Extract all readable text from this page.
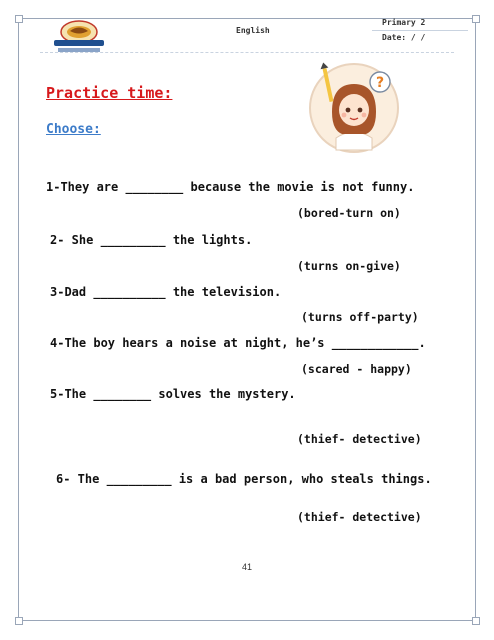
English
Primary 2
Date: / /
Practice time:
Choose:
?
1-They are ________ because the movie is not funny.
(bored-turn on)
2- She _________ the lights.
(turns on-give)
3-Dad __________ the television.
(turns off-party)
4-The boy hears a noise at night, he’s ____________.
(scared - happy)
5-The ________ solves the mystery.
(thief- detective)
6- The _________ is a bad person, who steals things.
(thief- detective)
41
